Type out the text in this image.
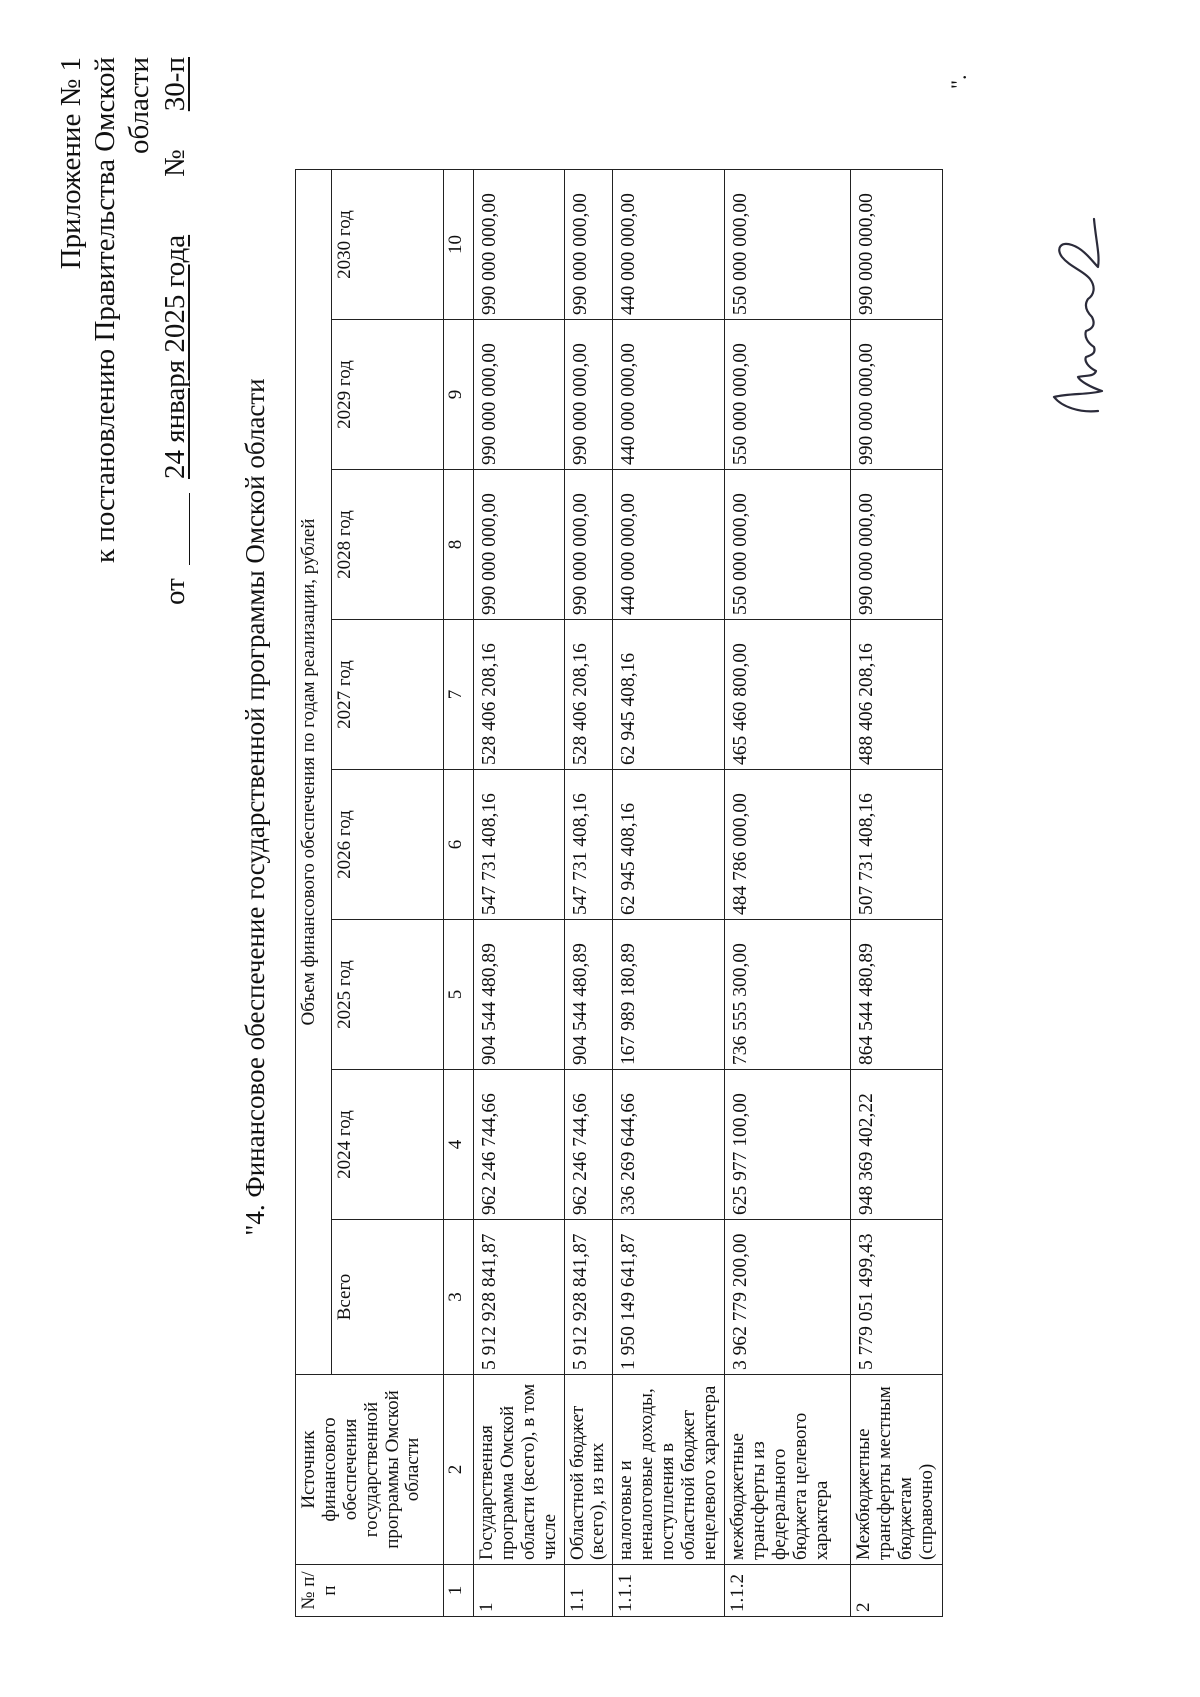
Приложение № 1 к постановлению Правительства Омской области
от
24 января 2025 года
№
30-п
"4. Финансовое обеспечение государственной программы Омской области
№ п/п	Источник финансового обеспечения государственной программы Омской области	Объем финансового обеспечения по годам реализации, рублей							
		Всего	2024 год	2025 год	2026 год	2027 год	2028 год	2029 год	2030 год
1	2	3	4	5	6	7	8	9	10
1	Государственная программа Омской области (всего), в том числе	5 912 928 841,87	962 246 744,66	904 544 480,89	547 731 408,16	528 406 208,16	990 000 000,00	990 000 000,00	990 000 000,00
1.1	Областной бюджет (всего), из них	5 912 928 841,87	962 246 744,66	904 544 480,89	547 731 408,16	528 406 208,16	990 000 000,00	990 000 000,00	990 000 000,00
1.1.1	налоговые и неналоговые доходы, поступления в областной бюджет нецелевого характера	1 950 149 641,87	336 269 644,66	167 989 180,89	62 945 408,16	62 945 408,16	440 000 000,00	440 000 000,00	440 000 000,00
1.1.2	межбюджетные трансферты из федерального бюджета целевого характера	3 962 779 200,00	625 977 100,00	736 555 300,00	484 786 000,00	465 460 800,00	550 000 000,00	550 000 000,00	550 000 000,00
2	Межбюджетные трансферты местным бюджетам (справочно)	5 779 051 499,43	948 369 402,22	864 544 480,89	507 731 408,16	488 406 208,16	990 000 000,00	990 000 000,00	990 000 000,00
".
